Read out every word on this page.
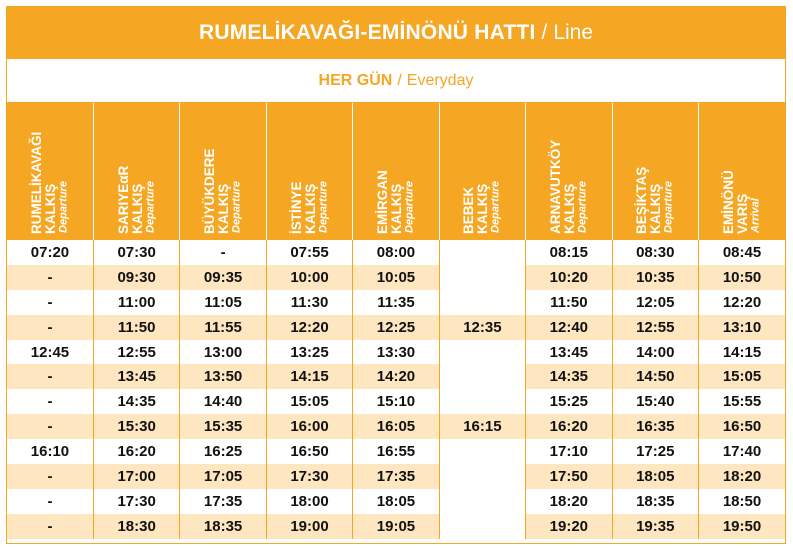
RUMELİKAVAĞI-EMİNÖNÜ HATTI / Line
HER GÜN / Everyday
RUMELİKAVAĞI KALKIŞ Departure	SARIYEαR KALKIŞ Departure	BÜYÜKDERE KALKIŞ Departure	İSTİNYE KALKIŞ Departure	EMİRGAN KALKIŞ Departure	BEBEK KALKIŞ Departure	ARNAVUTKÖY KALKIŞ Departure	BEŞİKTAŞ KALKIŞ Departure	EMİNÖNÜ VARIŞ Arrival

07:20	07:30	-	07:55	08:00		08:15	08:30	08:45
-	09:30	09:35	10:00	10:05		10:20	10:35	10:50
-	11:00	11:05	11:30	11:35		11:50	12:05	12:20
-	11:50	11:55	12:20	12:25	12:35	12:40	12:55	13:10
12:45	12:55	13:00	13:25	13:30		13:45	14:00	14:15
-	13:45	13:50	14:15	14:20		14:35	14:50	15:05
-	14:35	14:40	15:05	15:10		15:25	15:40	15:55
-	15:30	15:35	16:00	16:05	16:15	16:20	16:35	16:50
16:10	16:20	16:25	16:50	16:55		17:10	17:25	17:40
-	17:00	17:05	17:30	17:35		17:50	18:05	18:20
-	17:30	17:35	18:00	18:05		18:20	18:35	18:50
-	18:30	18:35	19:00	19:05		19:20	19:35	19:50
